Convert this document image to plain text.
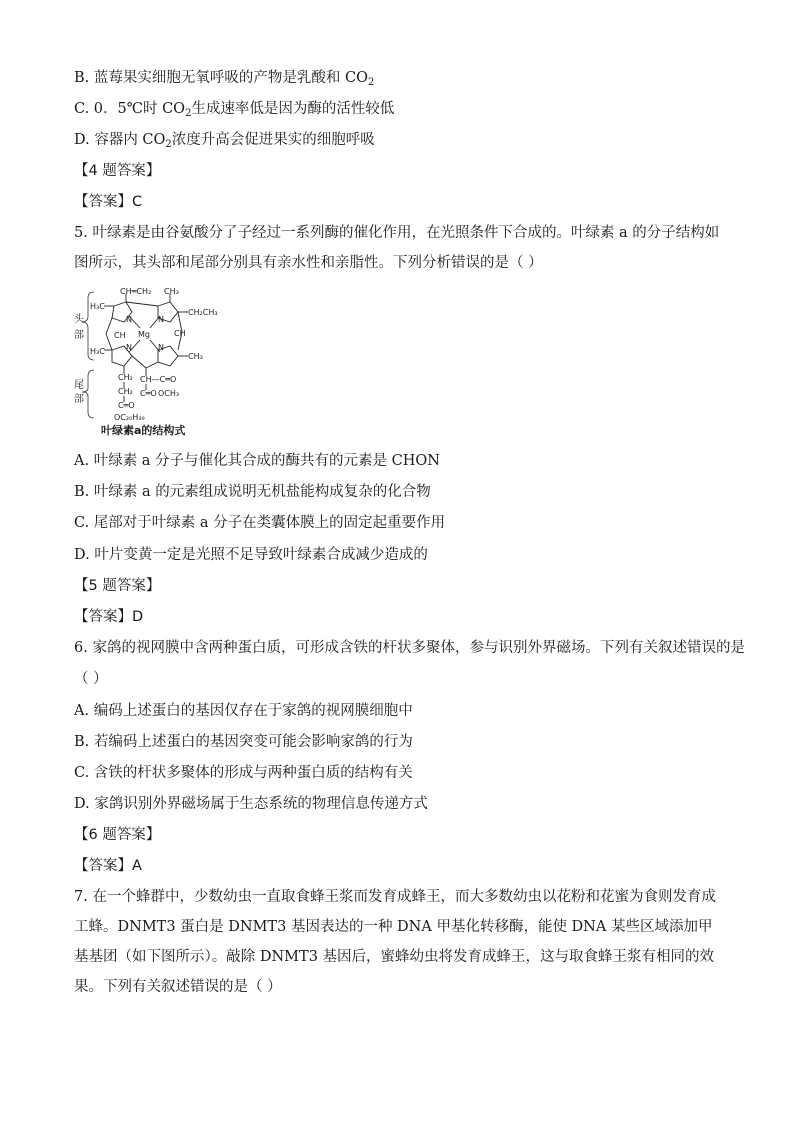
B. 蓝莓果实细胞无氧呼吸的产物是乳酸和 $CO_2$
C. 0．5℃时 $CO_2$生成速率低是因为酶的活性较低
D. 容器内 $CO_2$浓度升高会促进果实的细胞呼吸
【4 题答案】
【答案】C
5. 叶绿素是由谷氨酸分了子经过一系列酶的催化作用，在光照条件下合成的。叶绿素 a 的分子结构如图所示，其头部和尾部分别具有亲水性和亲脂性。下列分析错误的是（ ）
头
部
尾
部
CH═CH₂ CH₃
CH₂CH₃
H₃C
N	N
Mg
CH	CH
N	N
H₃C
CH₃
CH₂
CH₂
C═O
OC₂₀H₃₉
CH—C═O
C═O OCH₃
叶绿素a的结构式
A. 叶绿素 a 分子与催化其合成的酶共有的元素是 CHON
B. 叶绿素 a 的元素组成说明无机盐能构成复杂的化合物
C. 尾部对于叶绿素 a 分子在类囊体膜上的固定起重要作用
D. 叶片变黄一定是光照不足导致叶绿素合成减少造成的
【5 题答案】
【答案】D
6. 家鸽的视网膜中含两种蛋白质，可形成含铁的杆状多聚体，参与识别外界磁场。下列有关叙述错误的是
（ ）
A. 编码上述蛋白的基因仅存在于家鸽的视网膜细胞中
B. 若编码上述蛋白的基因突变可能会影响家鸽的行为
C. 含铁的杆状多聚体的形成与两种蛋白质的结构有关
D. 家鸽识别外界磁场属于生态系统的物理信息传递方式
【6 题答案】
【答案】A
7. 在一个蜂群中，少数幼虫一直取食蜂王浆而发育成蜂王，而大多数幼虫以花粉和花蜜为食则发育成工蜂。DNMT3 蛋白是 DNMT3 基因表达的一种 DNA 甲基化转移酶，能使 DNA 某些区域添加甲基基团（如下图所示）。敲除 DNMT3 基因后，蜜蜂幼虫将发育成蜂王，这与取食蜂王浆有相同的效果。下列有关叙述错误的是（ ）
